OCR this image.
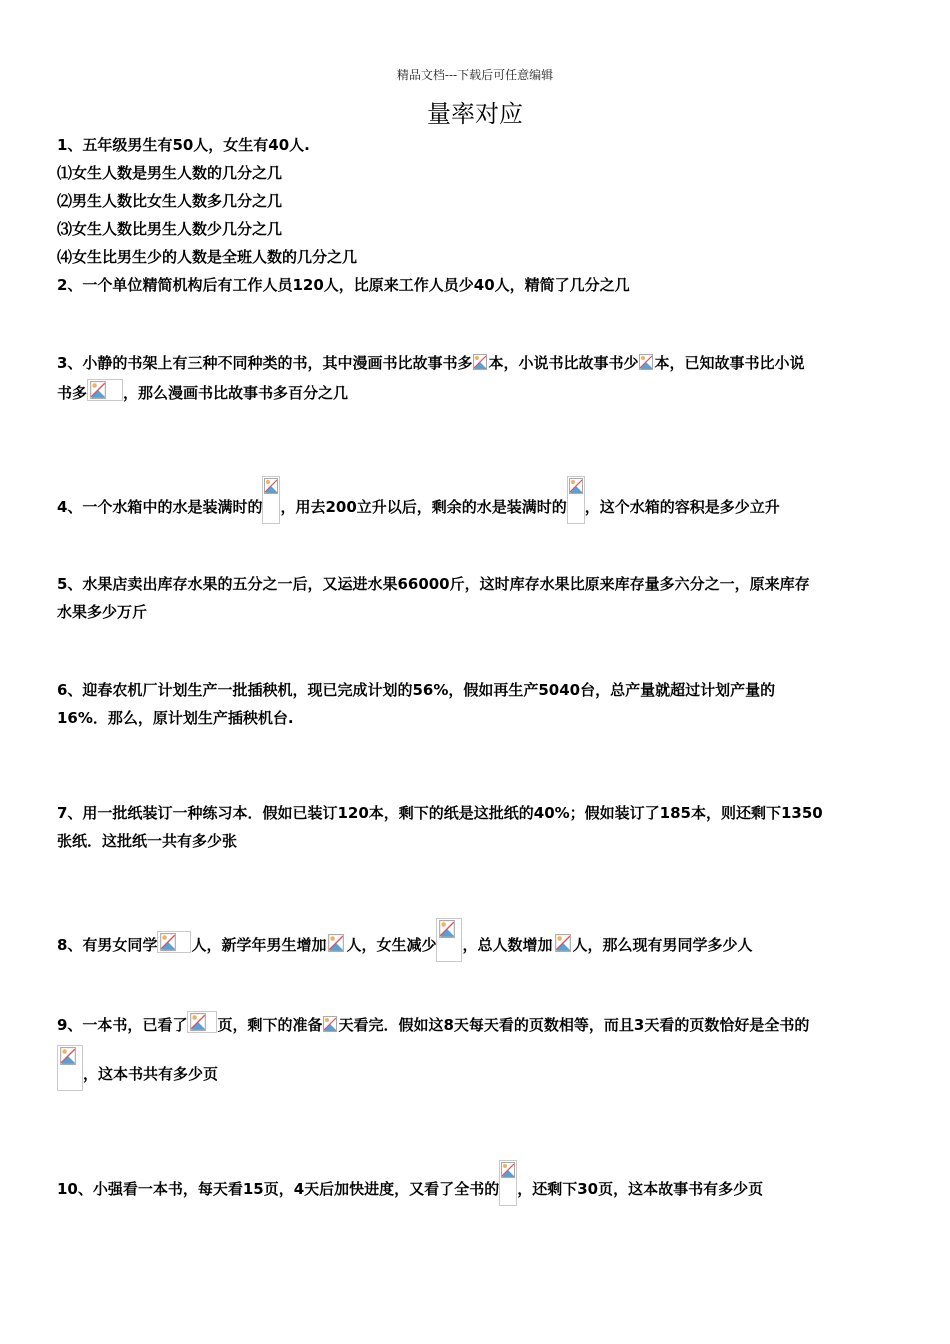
精品文档---下载后可任意编辑
量率对应
1、五年级男生有50人，女生有40人.
⑴女生人数是男生人数的几分之几
⑵男生人数比女生人数多几分之几
⑶女生人数比男生人数少几分之几
⑷女生比男生少的人数是全班人数的几分之几
2、一个单位精简机构后有工作人员120人，比原来工作人员少40人，精简了几分之几
3、小静的书架上有三种不同种类的书，其中漫画书比故事书多 本，小说书比故事书少 本，已知故事书比小说
书多 ，那么漫画书比故事书多百分之几
4、一个水箱中的水是装满时的 ，用去200立升以后，剩余的水是装满时的 ，这个水箱的容积是多少立升
5、水果店卖出库存水果的五分之一后，又运进水果66000斤，这时库存水果比原来库存量多六分之一，原来库存
水果多少万斤
6、迎春农机厂计划生产一批插秧机，现已完成计划的56%，假如再生产5040台，总产量就超过计划产量的
16%．那么，原计划生产插秧机台.
7、用一批纸装订一种练习本．假如已装订120本，剩下的纸是这批纸的40%；假如装订了185本，则还剩下1350
张纸．这批纸一共有多少张
8、有男女同学 人，新学年男生增加 人，女生减少 ，总人数增加 人，那么现有男同学多少人
9、一本书，已看了 页，剩下的准备 天看完．假如这8天每天看的页数相等，而且3天看的页数恰好是全书的
，这本书共有多少页
10、小强看一本书，每天看15页，4天后加快进度，又看了全书的 ，还剩下30页，这本故事书有多少页
